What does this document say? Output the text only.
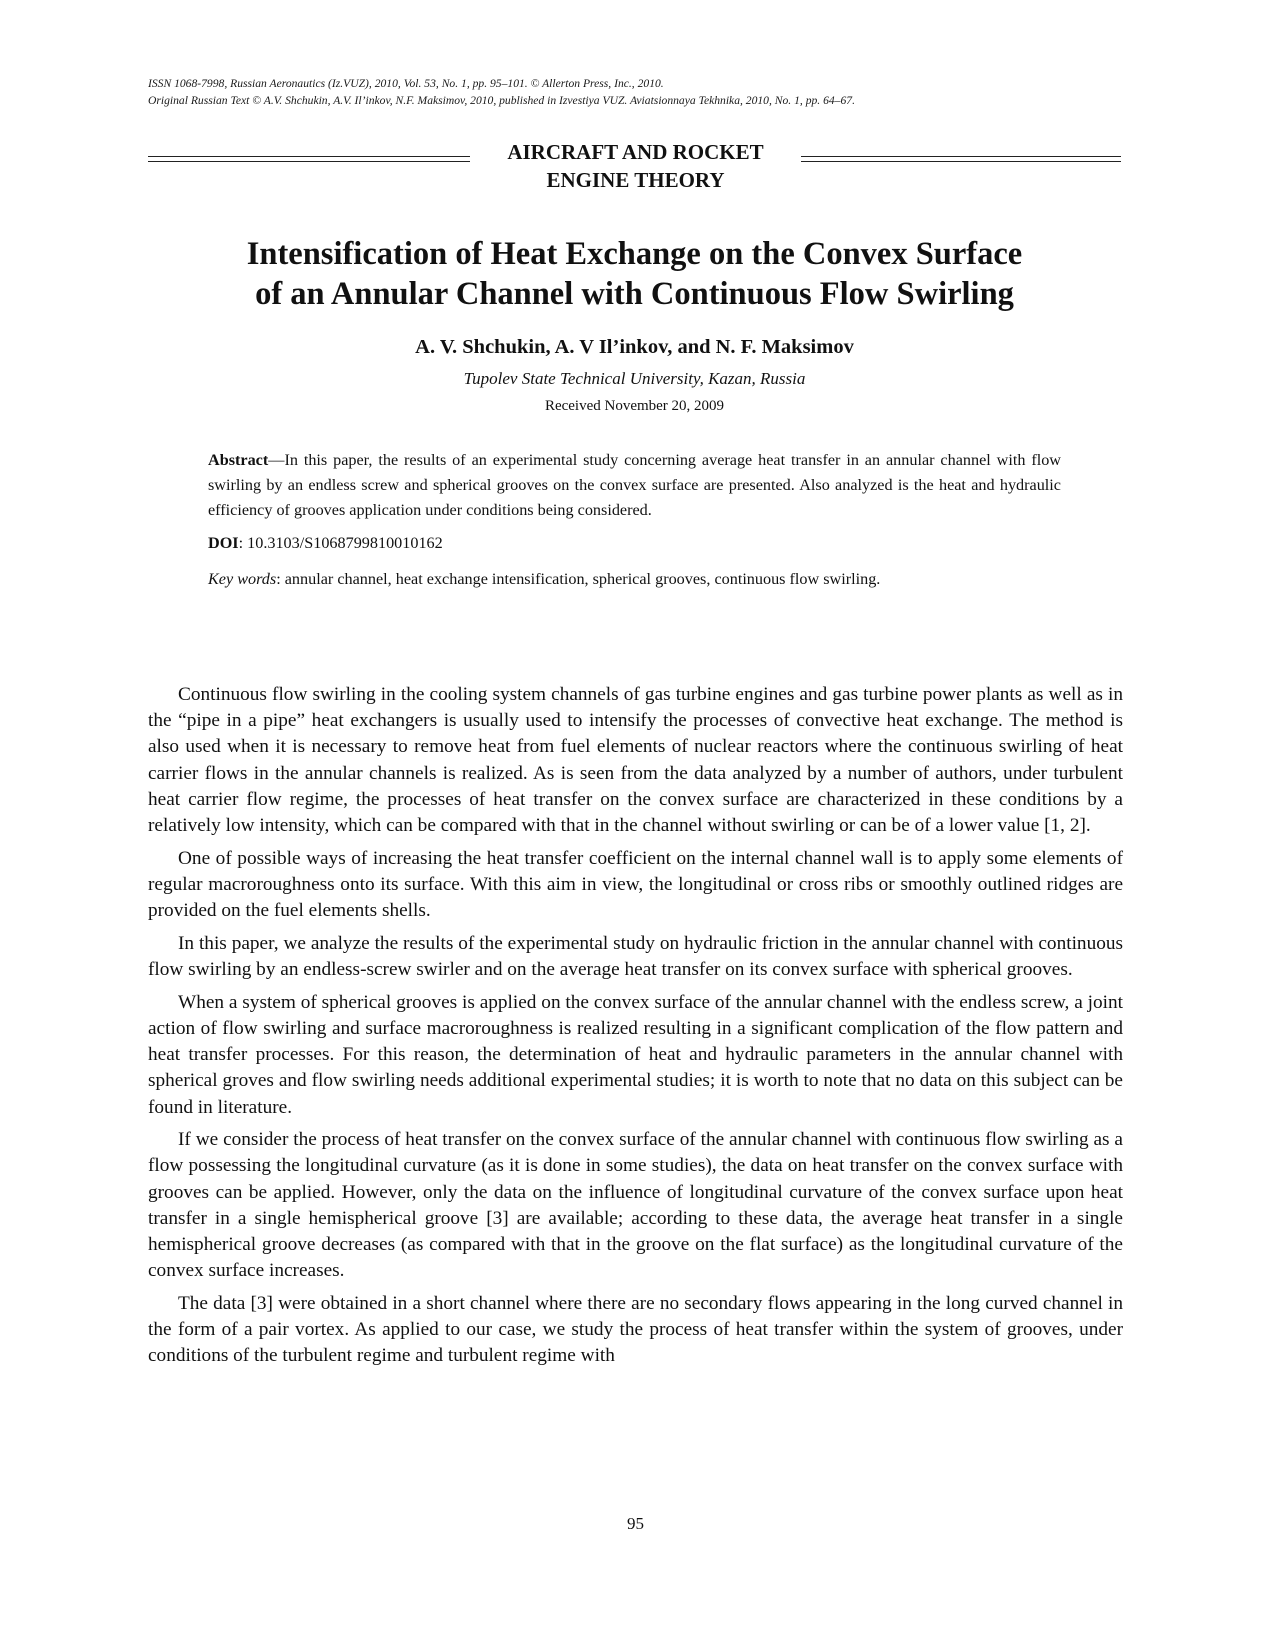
ISSN 1068-7998, Russian Aeronautics (Iz.VUZ), 2010, Vol. 53, No. 1, pp. 95–101. © Allerton Press, Inc., 2010.
Original Russian Text © A.V. Shchukin, A.V. Il’inkov, N.F. Maksimov, 2010, published in Izvestiya VUZ. Aviatsionnaya Tekhnika, 2010, No. 1, pp. 64–67.
AIRCRAFT AND ROCKET
ENGINE THEORY
Intensification of Heat Exchange on the Convex Surface
of an Annular Channel with Continuous Flow Swirling
A. V. Shchukin, A. V Il’inkov, and N. F. Maksimov
Tupolev State Technical University, Kazan, Russia
Received November 20, 2009

Abstract—In this paper, the results of an experimental study concerning average heat transfer in an annular channel with flow swirling by an endless screw and spherical grooves on the convex surface are presented. Also analyzed is the heat and hydraulic efficiency of grooves application under conditions being considered.

DOI: 10.3103/S1068799810010162

Key words: annular channel, heat exchange intensification, spherical grooves, continuous flow swirling.

Continuous flow swirling in the cooling system channels of gas turbine engines and gas turbine power plants as well as in the “pipe in a pipe” heat exchangers is usually used to intensify the processes of convective heat exchange. The method is also used when it is necessary to remove heat from fuel elements of nuclear reactors where the continuous swirling of heat carrier flows in the annular channels is realized. As is seen from the data analyzed by a number of authors, under turbulent heat carrier flow regime, the processes of heat transfer on the convex surface are characterized in these conditions by a relatively low intensity, which can be compared with that in the channel without swirling or can be of a lower value [1, 2].

One of possible ways of increasing the heat transfer coefficient on the internal channel wall is to apply some elements of regular macroroughness onto its surface. With this aim in view, the longitudinal or cross ribs or smoothly outlined ridges are provided on the fuel elements shells.

In this paper, we analyze the results of the experimental study on hydraulic friction in the annular channel with continuous flow swirling by an endless-screw swirler and on the average heat transfer on its convex surface with spherical grooves.

When a system of spherical grooves is applied on the convex surface of the annular channel with the endless screw, a joint action of flow swirling and surface macroroughness is realized resulting in a significant complication of the flow pattern and heat transfer processes. For this reason, the determination of heat and hydraulic parameters in the annular channel with spherical groves and flow swirling needs additional experimental studies; it is worth to note that no data on this subject can be found in literature.

If we consider the process of heat transfer on the convex surface of the annular channel with continuous flow swirling as a flow possessing the longitudinal curvature (as it is done in some studies), the data on heat transfer on the convex surface with grooves can be applied. However, only the data on the influence of longitudinal curvature of the convex surface upon heat transfer in a single hemispherical groove [3] are available; according to these data, the average heat transfer in a single hemispherical groove decreases (as compared with that in the groove on the flat surface) as the longitudinal curvature of the convex surface increases.

The data [3] were obtained in a short channel where there are no secondary flows appearing in the long curved channel in the form of a pair vortex. As applied to our case, we study the process of heat transfer within the system of grooves, under conditions of the turbulent regime and turbulent regime with

95
